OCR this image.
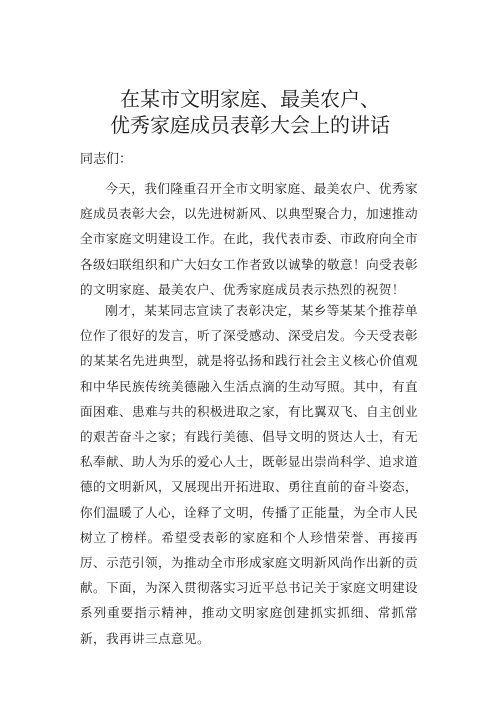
在某市文明家庭、最美农户、
优秀家庭成员表彰大会上的讲话
同志们：

今天，我们隆重召开全市文明家庭、最美农户、优秀家庭成员表彰大会，以先进树新风、以典型聚合力，加速推动全市家庭文明建设工作。在此，我代表市委、市政府向全市各级妇联组织和广大妇女工作者致以诚挚的敬意！向受表彰的文明家庭、最美农户、优秀家庭成员表示热烈的祝贺！

刚才，某某同志宣读了表彰决定，某乡等某某个推荐单位作了很好的发言，听了深受感动、深受启发。今天受表彰的某某名先进典型，就是将弘扬和践行社会主义核心价值观和中华民族传统美德融入生活点滴的生动写照。其中，有直面困难、患难与共的积极进取之家，有比翼双飞、自主创业的艰苦奋斗之家；有践行美德、倡导文明的贤达人士，有无私奉献、助人为乐的爱心人士，既彰显出崇尚科学、追求道德的文明新风，又展现出开拓进取、勇往直前的奋斗姿态，你们温暖了人心，诠释了文明，传播了正能量，为全市人民树立了榜样。希望受表彰的家庭和个人珍惜荣誉、再接再厉、示范引领，为推动全市形成家庭文明新风尚作出新的贡献。下面，为深入贯彻落实习近平总书记关于家庭文明建设系列重要指示精神，推动文明家庭创建抓实抓细、常抓常新，我再讲三点意见。
